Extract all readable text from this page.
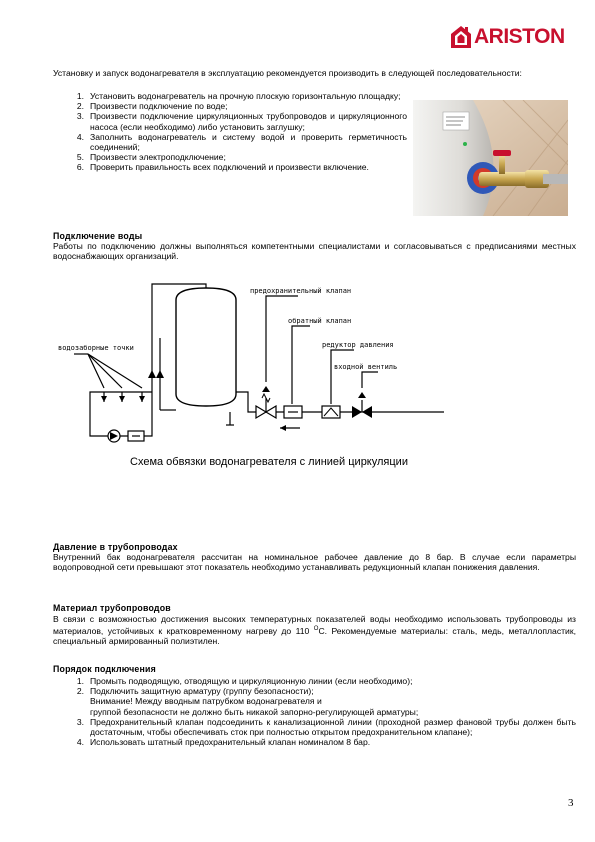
ARISTON
Установку и запуск водонагревателя в эксплуатацию рекомендуется производить в следующей последовательности:
1. Установить водонагреватель на прочную плоскую горизонтальную площадку;
2. Произвести подключение по воде;
3. Произвести подключение циркуляционных трубопроводов и циркуляционного насоса (если необходимо) либо установить заглушку;
4. Заполнить водонагреватель и систему водой и проверить герметичность соединений;
5. Произвести электроподключение;
6. Проверить правильность всех подключений и произвести включение.
Подключение воды
Работы по подключению должны выполняться компетентными специалистами и согласовываться с предписаниями местных водоснабжающих организаций.
предохранительный клапан
обратный клапан
редуктор давления
входной вентиль
водозаборные точки
Схема обвязки водонагревателя с линией циркуляции
Давление в трубопроводах
Внутренний бак водонагревателя рассчитан на номинальное рабочее давление до 8 бар. В случае если параметры водопроводной сети превышают этот показатель необходимо устанавливать редукционный клапан понижения давления.
Материал трубопроводов
В связи с возможностью достижения высоких температурных показателей воды необходимо использовать трубопроводы из материалов, устойчивых к кратковременному нагреву до 110 $^О$С. Рекомендуемые материалы: сталь, медь, металлопластик, специальный армированный полиэтилен.
Порядок подключения
1. Промыть подводящую, отводящую и циркуляционную линии (если необходимо);
2. Подключить защитную арматуру (группу безопасности);
Внимание! Между вводным патрубком водонагревателя и
группой безопасности не должно быть никакой запорно-регулирующей арматуры;
3. Предохранительный клапан подсоединить к канализационной линии (проходной размер фановой трубы должен быть достаточным, чтобы обеспечивать сток при полностью открытом предохранительном клапане);
4. Использовать штатный предохранительный клапан номиналом 8 бар.
3
